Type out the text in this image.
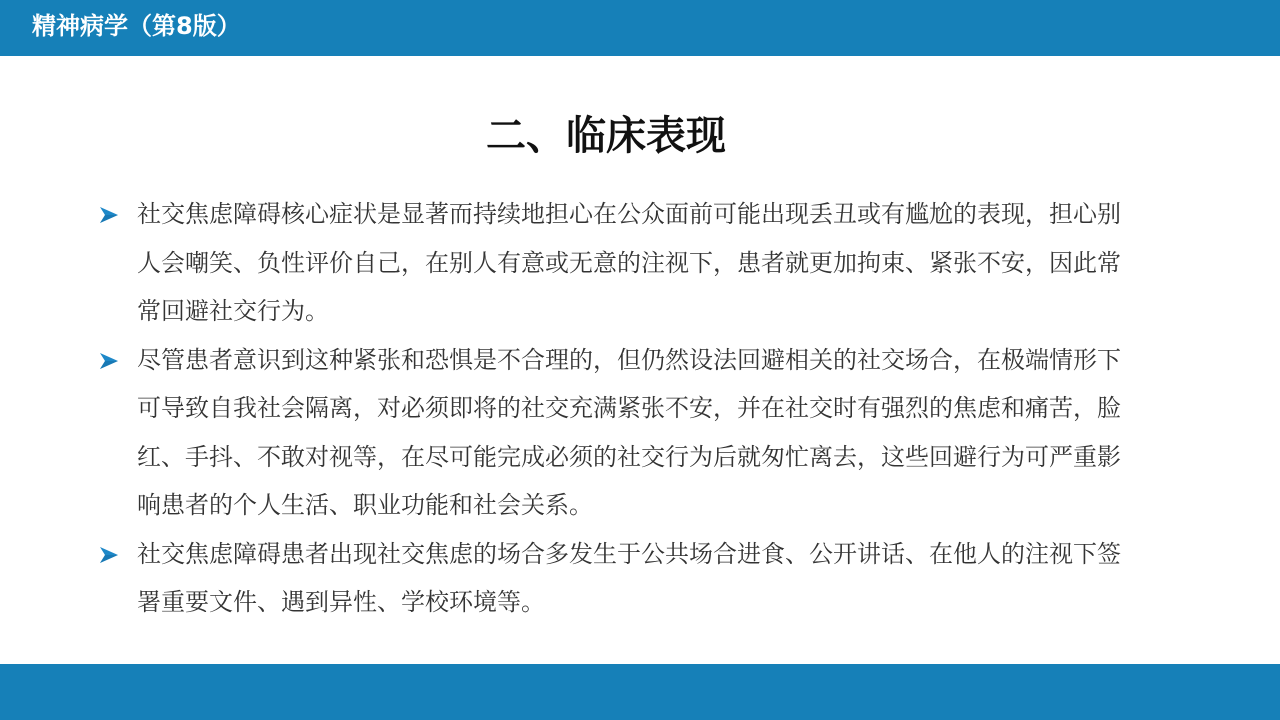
精神病学（第8版）
二、临床表现
社交焦虑障碍核心症状是显著而持续地担心在公众面前可能出现丢丑或有尴尬的表现，担心别人会嘲笑、负性评价自己，在别人有意或无意的注视下，患者就更加拘束、紧张不安，因此常常回避社交行为。
尽管患者意识到这种紧张和恐惧是不合理的，但仍然设法回避相关的社交场合，在极端情形下可导致自我社会隔离，对必须即将的社交充满紧张不安，并在社交时有强烈的焦虑和痛苦，脸红、手抖、不敢对视等，在尽可能完成必须的社交行为后就匆忙离去，这些回避行为可严重影响患者的个人生活、职业功能和社会关系。
社交焦虑障碍患者出现社交焦虑的场合多发生于公共场合进食、公开讲话、在他人的注视下签署重要文件、遇到异性、学校环境等。
